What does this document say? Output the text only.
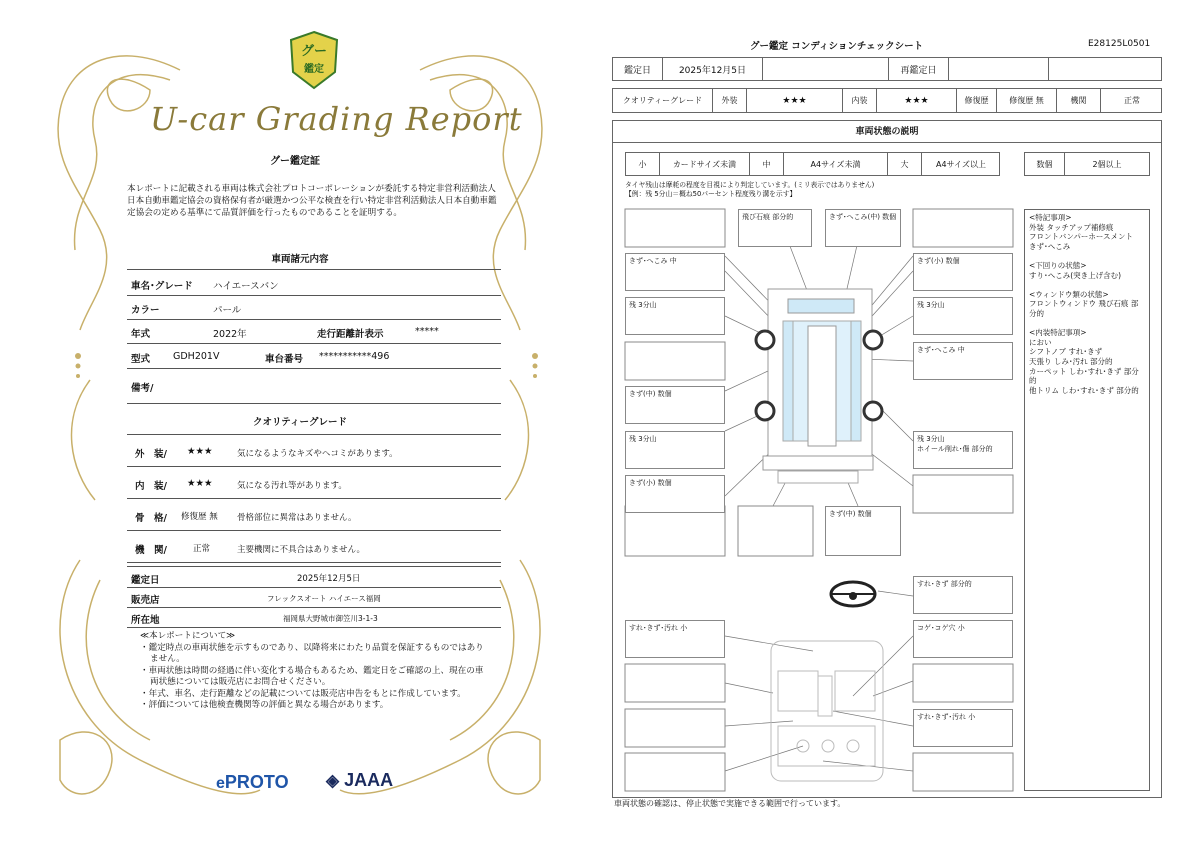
グー
鑑定
U-car Grading Report
グー鑑定証
本レポートに記載される車両は株式会社プロトコーポレーションが委託する特定非営利活動法人日本自動車鑑定協会の資格保有者が厳選かつ公平な検査を行い特定非営利活動法人日本自動車鑑定協会の定める基準にて品質評価を行ったものであることを証明する。
車両諸元内容
車名･グレード ハイエースバン
カラー	パール
年式	2022年	走行距離計表示	*****
型式 GDH201V	車台番号 ***********496
備考/
クオリティーグレード
外　装/ ★★★	気になるようなキズやヘコミがあります。
内　装/ ★★★	気になる汚れ等があります。
骨　格/ 修復歴 無 骨格部位に異常はありません。
機　関/	正常	主要機関に不具合はありません。
鑑定日	2025年12月5日
販売店	フレックスオート ハイエース福岡
所在地	福岡県大野城市御笠川3-1-3
≪本レポートについて≫
・鑑定時点の車両状態を示すものであり、以降将来にわたり品質を保証するものではありません。
・車両状態は時間の経過に伴い変化する場合もあるため、鑑定日をご確認の上、現在の車両状態については販売店にお問合せください。
・年式、車名、走行距離などの記載については販売店申告をもとに作成しています。
・評価については他検査機関等の評価と異なる場合があります。
ePROTO ◈ JAAA
グー鑑定 コンディションチェックシート	E28125L0501
鑑定日	2025年12月5日	再鑑定日
クオリティーグレード	外装	★★★	内装	★★★	修復歴	修復歴 無	機関	正常
車両状態の説明
小	カードサイズ未満	中	A4サイズ未満	大	A4サイズ以上	数個	2個以上
タイヤ残山は摩耗の程度を目視により判定しています。(ミリ表示ではありません)
【例：残 5分山＝概ね50パーセント程度残り溝を示す】
飛び石痕 部分的	きず･へこみ(中) 数個
きず･へこみ 中
残 3分山
きず(中) 数個
残 3分山
きず(小) 数個
きず(小) 数個
残 3分山
きず･へこみ 中
残 3分山
ホイール削れ･傷 部分的
きず(中) 数個
すれ･きず 部分的
すれ･きず･汚れ 小	コゲ･コゲ穴 小
すれ･きず･汚れ 小
<特記事項>
外装 タッチアップ補修痕
フロントバンパーホースメント
きず･へこみ
<下回りの状態>
すり･へこみ(突き上げ含む)
<ウィンドウ類の状態>
フロントウィンドウ 飛び石痕 部分的
<内装特記事項>
におい
シフトノブ すれ･きず
天張り しみ･汚れ 部分的
カーペット しわ･すれ･きず 部分的
他トリム しわ･すれ･きず 部分的
車両状態の確認は、停止状態で実施できる範囲で行っています。
